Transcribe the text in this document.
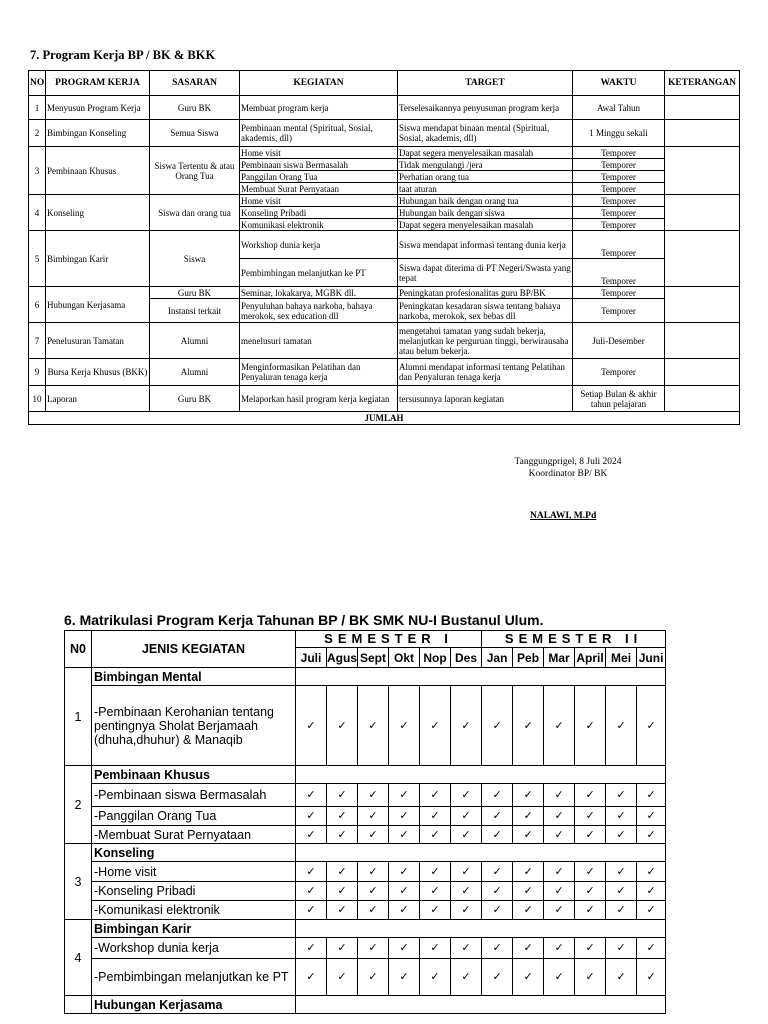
7. Program Kerja BP / BK & BKK
NO	PROGRAM KERJA	SASARAN	KEGIATAN	TARGET	WAKTU	KETERANGAN
1	Menyusun Program Kerja	Guru BK	Membuat program kerja	Terselesaikannya penyusunan program kerja	Awal Tahun	
2	Bimbingan Konseling	Semua Siswa	Pembinaan mental (Spiritual, Sosial, akademis, dll)	Siswa mendapat binaan mental (Spiritual, Sosial, akademis, dll)	1 Minggu sekali	
3	Pembinaan Khusus	Siswa Tertentu & atau Orang Tua	Home visit	Dapat segera menyelesaikan masalah	Temporer	
			Pembinaan siswa Bermasalah	Tidak mengulangi /jera	Temporer	
			Panggilan Orang Tua	Perhatian orang tua	Temporer	
			Membuat Surat Pernyataan	taat aturan	Temporer	
4	Konseling	Siswa dan orang tua	Home visit	Hubungan baik dengan orang tua	Temporer	
			Konseling Pribadi	Hubungan baik dengan siswa	Temporer	
			Komunikasi elektronik	Dapat segera menyelesaikan masalah	Temporer	
5	Bimbingan Karir	Siswa	Workshop dunia kerja	Siswa mendapat informasi tentang dunia kerja	Temporer	
			Pembimbingan melanjutkan ke PT	Siswa dapat diterima di PT Negeri/Swasta yang tepat	Temporer	
6	Hubungan Kerjasama	Guru BK	Seminar, lokakarya, MGBK dll.	Peningkatan profesionalitas guru BP/BK	Temporer	
		Instansi terkait	Penyuluhan bahaya narkoba, bahaya merokok, sex education dll	Peningkatan kesadaran siswa tentang bahaya narkoba, merokok, sex bebas dll	Temporer	
7	Penelusuran Tamatan	Alumni	menelusuri tamatan	mengetahui tamatan yang sudah bekerja, melanjutkan ke perguruan tinggi, berwirausaha atau belum bekerja.	Juli-Desember	
9	Bursa Kerja Khusus (BKK)	Alumni	Menginformasikan Pelatihan dan Penyaluran tenaga kerja	Alumni mendapat informasi tentang Pelatihan dan Penyaluran tenaga kerja	Temporer	
10	Laporan	Guru BK	Melaporkan hasil program kerja kegiatan	tersusunnya laporan kegiatan	Setiap Bulan & akhir tahun pelajaran	
JUMLAH						
Tanggungprigel, 8 Juli 2024
Koordinator BP/ BK
NALAWI, M.Pd
6. Matrikulasi Program Kerja Tahunan BP / BK SMK NU-I Bustanul Ulum.
N0	JENIS KEGIATAN	SEMESTER I						SEMESTER II					
		Juli	Agus	Sept	Okt	Nop	Des	Jan	Peb	Mar	April	Mei	Juni
1	Bimbingan Mental												
	-Pembinaan Kerohanian tentang pentingnya Sholat Berjamaah (dhuha,dhuhur) & Manaqib	✓	✓	✓	✓	✓	✓	✓	✓	✓	✓	✓	✓
2	Pembinaan Khusus												
	-Pembinaan siswa Bermasalah	✓	✓	✓	✓	✓	✓	✓	✓	✓	✓	✓	✓
	-Panggilan Orang Tua	✓	✓	✓	✓	✓	✓	✓	✓	✓	✓	✓	✓
	-Membuat Surat Pernyataan	✓	✓	✓	✓	✓	✓	✓	✓	✓	✓	✓	✓
3	Konseling												
	-Home visit	✓	✓	✓	✓	✓	✓	✓	✓	✓	✓	✓	✓
	-Konseling Pribadi	✓	✓	✓	✓	✓	✓	✓	✓	✓	✓	✓	✓
	-Komunikasi elektronik	✓	✓	✓	✓	✓	✓	✓	✓	✓	✓	✓	✓
4	Bimbingan Karir												
	-Workshop dunia kerja	✓	✓	✓	✓	✓	✓	✓	✓	✓	✓	✓	✓
	-Pembimbingan melanjutkan ke PT	✓	✓	✓	✓	✓	✓	✓	✓	✓	✓	✓	✓
	Hubungan Kerjasama												
